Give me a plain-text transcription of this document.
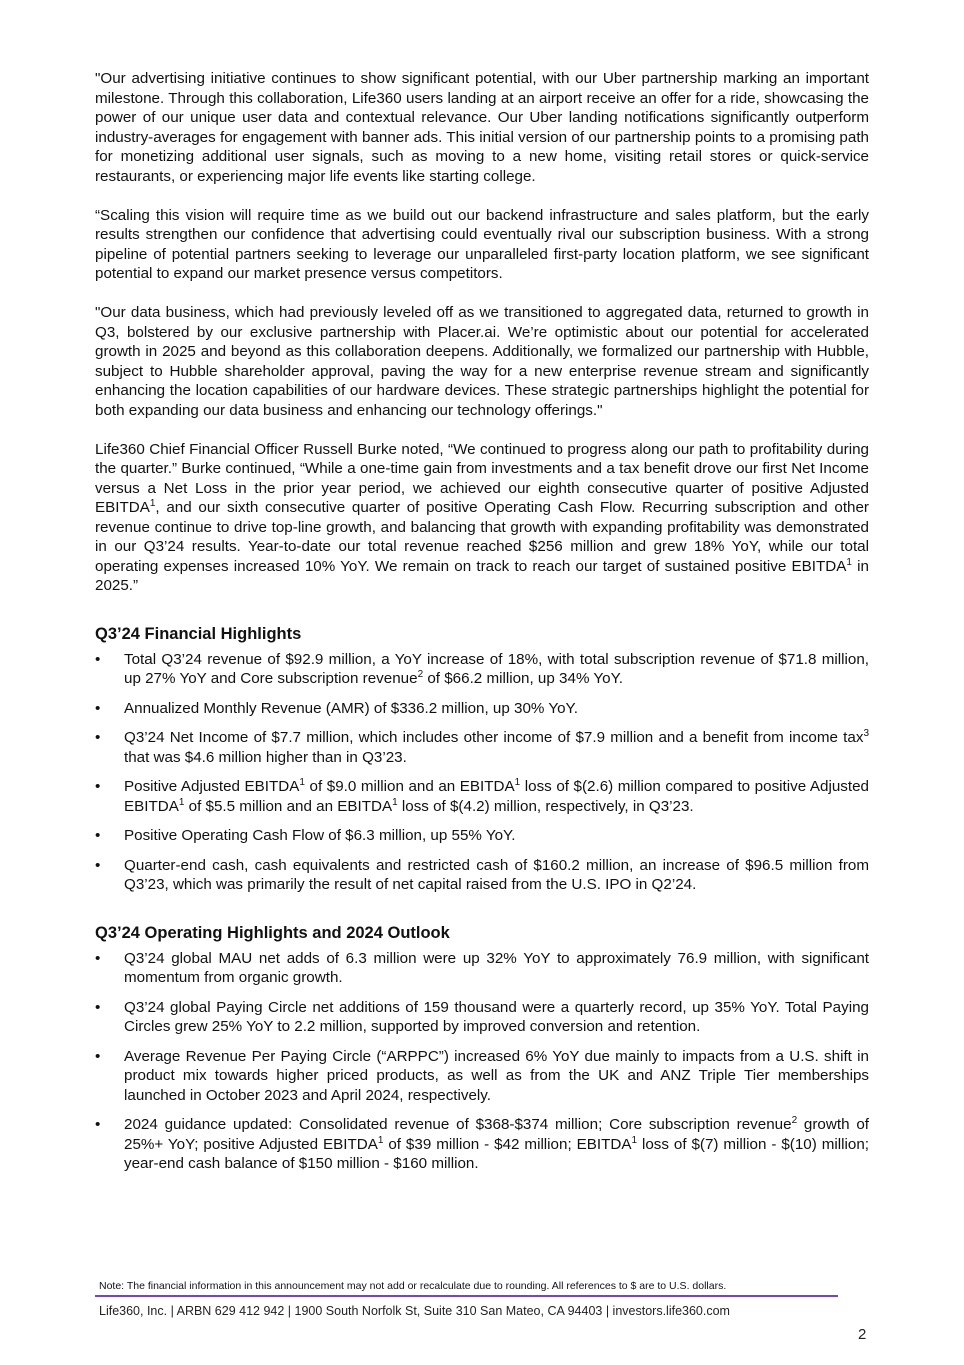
"Our advertising initiative continues to show significant potential, with our Uber partnership marking an important milestone. Through this collaboration, Life360 users landing at an airport receive an offer for a ride, showcasing the power of our unique user data and contextual relevance. Our Uber landing notifications significantly outperform industry-averages for engagement with banner ads. This initial version of our partnership points to a promising path for monetizing additional user signals, such as moving to a new home, visiting retail stores or quick-service restaurants, or experiencing major life events like starting college.

“Scaling this vision will require time as we build out our backend infrastructure and sales platform, but the early results strengthen our confidence that advertising could eventually rival our subscription business. With a strong pipeline of potential partners seeking to leverage our unparalleled first-party location platform, we see significant potential to expand our market presence versus competitors.

"Our data business, which had previously leveled off as we transitioned to aggregated data, returned to growth in Q3, bolstered by our exclusive partnership with Placer.ai. We’re optimistic about our potential for accelerated growth in 2025 and beyond as this collaboration deepens. Additionally, we formalized our partnership with Hubble, subject to Hubble shareholder approval, paving the way for a new enterprise revenue stream and significantly enhancing the location capabilities of our hardware devices. These strategic partnerships highlight the potential for both expanding our data business and enhancing our technology offerings."

Life360 Chief Financial Officer Russell Burke noted, “We continued to progress along our path to profitability during the quarter.” Burke continued, “While a one-time gain from investments and a tax benefit drove our first Net Income versus a Net Loss in the prior year period, we achieved our eighth consecutive quarter of positive Adjusted EBITDA$^1$, and our sixth consecutive quarter of positive Operating Cash Flow. Recurring subscription and other revenue continue to drive top-line growth, and balancing that growth with expanding profitability was demonstrated in our Q3’24 results. Year-to-date our total revenue reached $256 million and grew 18% YoY, while our total operating expenses increased 10% YoY. We remain on track to reach our target of sustained positive EBITDA$^1$ in 2025.”

Q3’24 Financial Highlights
• Total Q3’24 revenue of $92.9 million, a YoY increase of 18%, with total subscription revenue of $71.8 million, up 27% YoY and Core subscription revenue$^2$ of $66.2 million, up 34% YoY.
• Annualized Monthly Revenue (AMR) of $336.2 million, up 30% YoY.
• Q3’24 Net Income of $7.7 million, which includes other income of $7.9 million and a benefit from income tax$^3$ that was $4.6 million higher than in Q3’23.
• Positive Adjusted EBITDA$^1$ of $9.0 million and an EBITDA$^1$ loss of $(2.6) million compared to positive Adjusted EBITDA$^1$ of $5.5 million and an EBITDA$^1$ loss of $(4.2) million, respectively, in Q3’23.
• Positive Operating Cash Flow of $6.3 million, up 55% YoY.
• Quarter-end cash, cash equivalents and restricted cash of $160.2 million, an increase of $96.5 million from Q3’23, which was primarily the result of net capital raised from the U.S. IPO in Q2’24.
Q3’24 Operating Highlights and 2024 Outlook
• Q3’24 global MAU net adds of 6.3 million were up 32% YoY to approximately 76.9 million, with significant momentum from organic growth.
• Q3’24 global Paying Circle net additions of 159 thousand were a quarterly record, up 35% YoY. Total Paying Circles grew 25% YoY to 2.2 million, supported by improved conversion and retention.
• Average Revenue Per Paying Circle (“ARPPC”) increased 6% YoY due mainly to impacts from a U.S. shift in product mix towards higher priced products, as well as from the UK and ANZ Triple Tier memberships launched in October 2023 and April 2024, respectively.
• 2024 guidance updated: Consolidated revenue of $368-$374 million; Core subscription revenue$^2$ growth of 25%+ YoY; positive Adjusted EBITDA$^1$ of $39 million - $42 million; EBITDA$^1$ loss of $(7) million - $(10) million; year-end cash balance of $150 million - $160 million.
Note: The financial information in this announcement may not add or recalculate due to rounding. All references to $ are to U.S. dollars.
Life360, Inc. | ARBN 629 412 942 | 1900 South Norfolk St, Suite 310 San Mateo, CA 94403 | investors.life360.com
2
